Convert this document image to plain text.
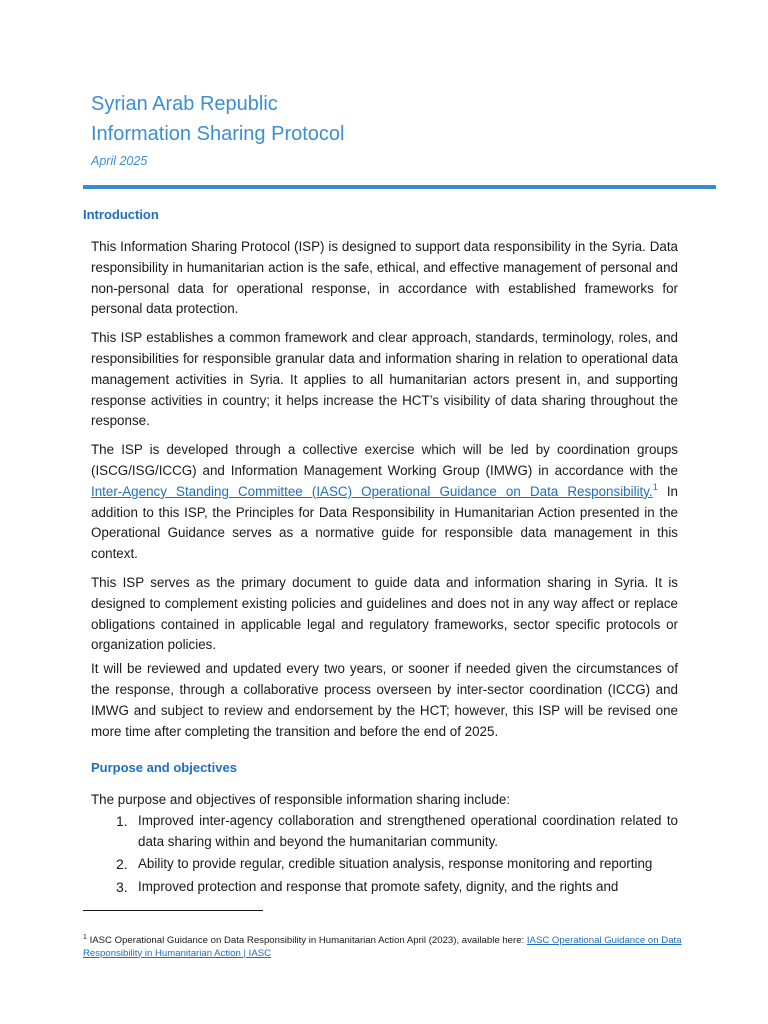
Syrian Arab Republic
Information Sharing Protocol
April 2025
Introduction

This Information Sharing Protocol (ISP) is designed to support data responsibility in the Syria. Data responsibility in humanitarian action is the safe, ethical, and effective management of personal and non-personal data for operational response, in accordance with established frameworks for personal data protection.

This ISP establishes a common framework and clear approach, standards, terminology, roles, and responsibilities for responsible granular data and information sharing in relation to operational data management activities in Syria. It applies to all humanitarian actors present in, and supporting response activities in country; it helps increase the HCT’s visibility of data sharing throughout the response.

The ISP is developed through a collective exercise which will be led by coordination groups (ISCG/ISG/ICCG) and Information Management Working Group (IMWG) in accordance with the Inter-Agency Standing Committee (IASC) Operational Guidance on Data Responsibility.$^1$ In addition to this ISP, the Principles for Data Responsibility in Humanitarian Action presented in the Operational Guidance serves as a normative guide for responsible data management in this context.

This ISP serves as the primary document to guide data and information sharing in Syria. It is designed to complement existing policies and guidelines and does not in any way affect or replace obligations contained in applicable legal and regulatory frameworks, sector specific protocols or organization policies.

It will be reviewed and updated every two years, or sooner if needed given the circumstances of the response, through a collaborative process overseen by inter-sector coordination (ICCG) and IMWG and subject to review and endorsement by the HCT; however, this ISP will be revised one more time after completing the transition and before the end of 2025.

Purpose and objectives
The purpose and objectives of responsible information sharing include:
1. Improved inter-agency collaboration and strengthened operational coordination related to data sharing within and beyond the humanitarian community.
2. Ability to provide regular, credible situation analysis, response monitoring and reporting
3. Improved protection and response that promote safety, dignity, and the rights and
$^1$ IASC Operational Guidance on Data Responsibility in Humanitarian Action April (2023), available here: IASC Operational Guidance on Data Responsibility in Humanitarian Action | IASC
